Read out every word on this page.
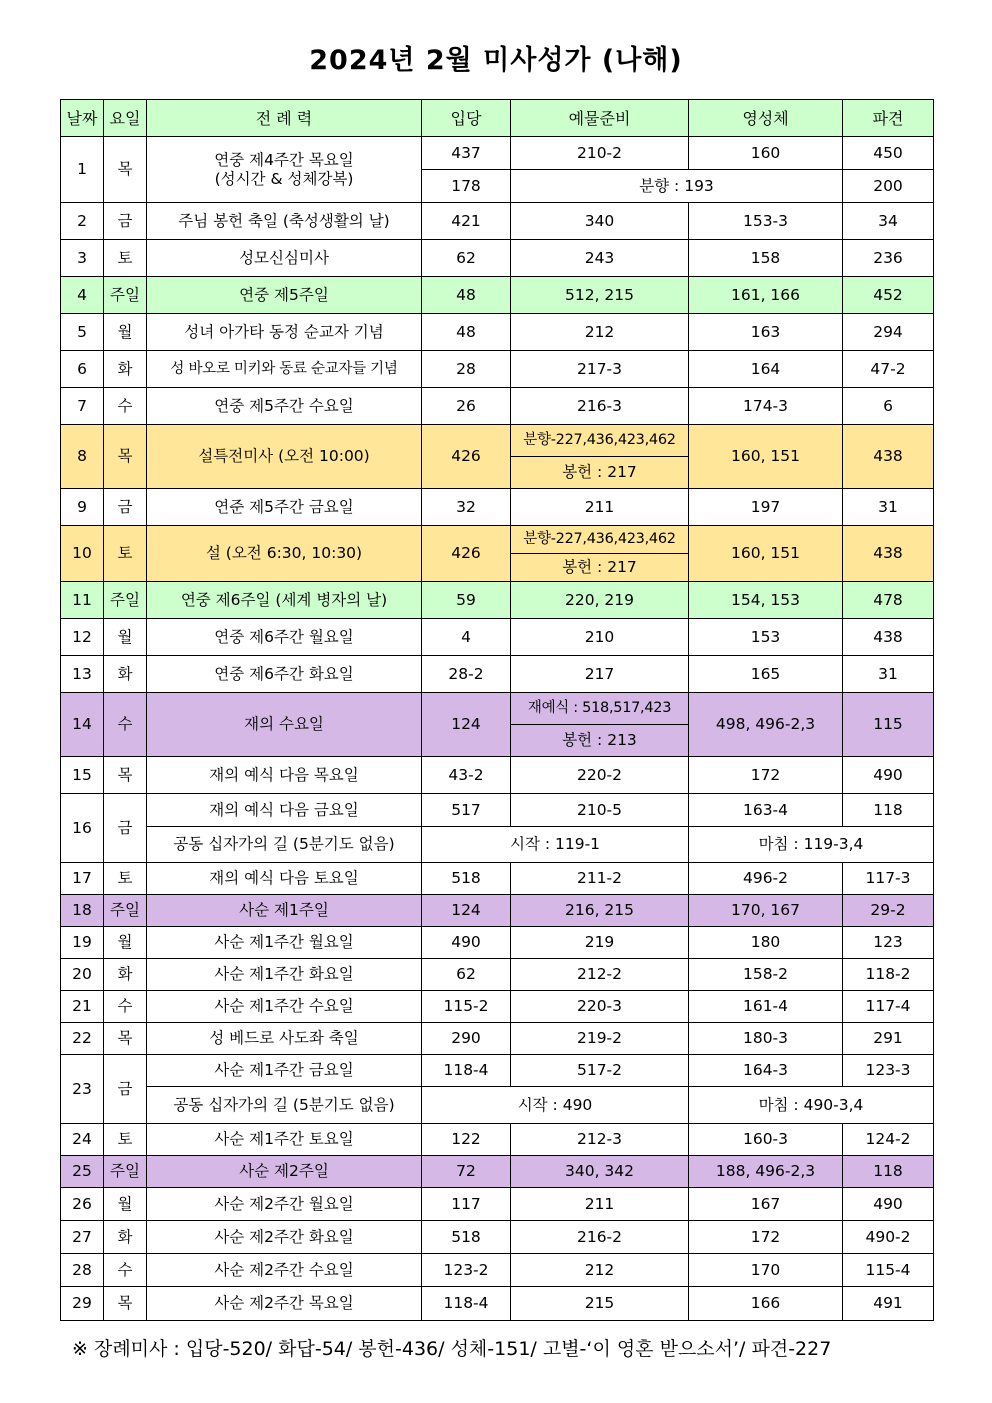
2024년 2월 미사성가 (나해)
날짜	요일	전 례 력	입당	예물준비	영성체	파견
1	목	연중 제4주간 목요일
(성시간 & 성체강복)	437	210-2	160	450
			178	분향 : 193		200
2	금	주님 봉헌 축일 (축성생활의 날)	421	340	153-3	34
3	토	성모신심미사	62	243	158	236
4	주일	연중 제5주일	48	512, 215	161, 166	452
5	월	성녀 아가타 동정 순교자 기념	48	212	163	294
6	화	성 바오로 미키와 동료 순교자들 기념	28	217-3	164	47-2
7	수	연중 제5주간 수요일	26	216-3	174-3	6
8	목	설특전미사 (오전 10:00)	426	분향-227,436,423,462	160, 151	438
				봉헌 : 217		
9	금	연준 제5주간 금요일	32	211	197	31
10	토	설 (오전 6:30, 10:30)	426	분향-227,436,423,462	160, 151	438
				봉헌 : 217		
11	주일	연중 제6주일 (세계 병자의 날)	59	220, 219	154, 153	478
12	월	연중 제6주간 월요일	4	210	153	438
13	화	연중 제6주간 화요일	28-2	217	165	31
14	수	재의 수요일	124	재예식 : 518,517,423	498, 496-2,3	115
				봉헌 : 213		
15	목	재의 예식 다음 목요일	43-2	220-2	172	490
16	금	재의 예식 다음 금요일	517	210-5	163-4	118
		공동 십자가의 길 (5분기도 없음)	시작 : 119-1		마침 : 119-3,4	
17	토	재의 예식 다음 토요일	518	211-2	496-2	117-3
18	주일	사순 제1주일	124	216, 215	170, 167	29-2
19	월	사순 제1주간 월요일	490	219	180	123
20	화	사순 제1주간 화요일	62	212-2	158-2	118-2
21	수	사순 제1주간 수요일	115-2	220-3	161-4	117-4
22	목	성 베드로 사도좌 축일	290	219-2	180-3	291
23	금	사순 제1주간 금요일	118-4	517-2	164-3	123-3
		공동 십자가의 길 (5분기도 없음)	시작 : 490		마침 : 490-3,4	
24	토	사순 제1주간 토요일	122	212-3	160-3	124-2
25	주일	사순 제2주일	72	340, 342	188, 496-2,3	118
26	월	사순 제2주간 월요일	117	211	167	490
27	화	사순 제2주간 화요일	518	216-2	172	490-2
28	수	사순 제2주간 수요일	123-2	212	170	115-4
29	목	사순 제2주간 목요일	118-4	215	166	491

※ 장례미사 : 입당-520/ 화답-54/ 봉헌-436/ 성체-151/ 고별-‘이 영혼 받으소서’/ 파견-227
